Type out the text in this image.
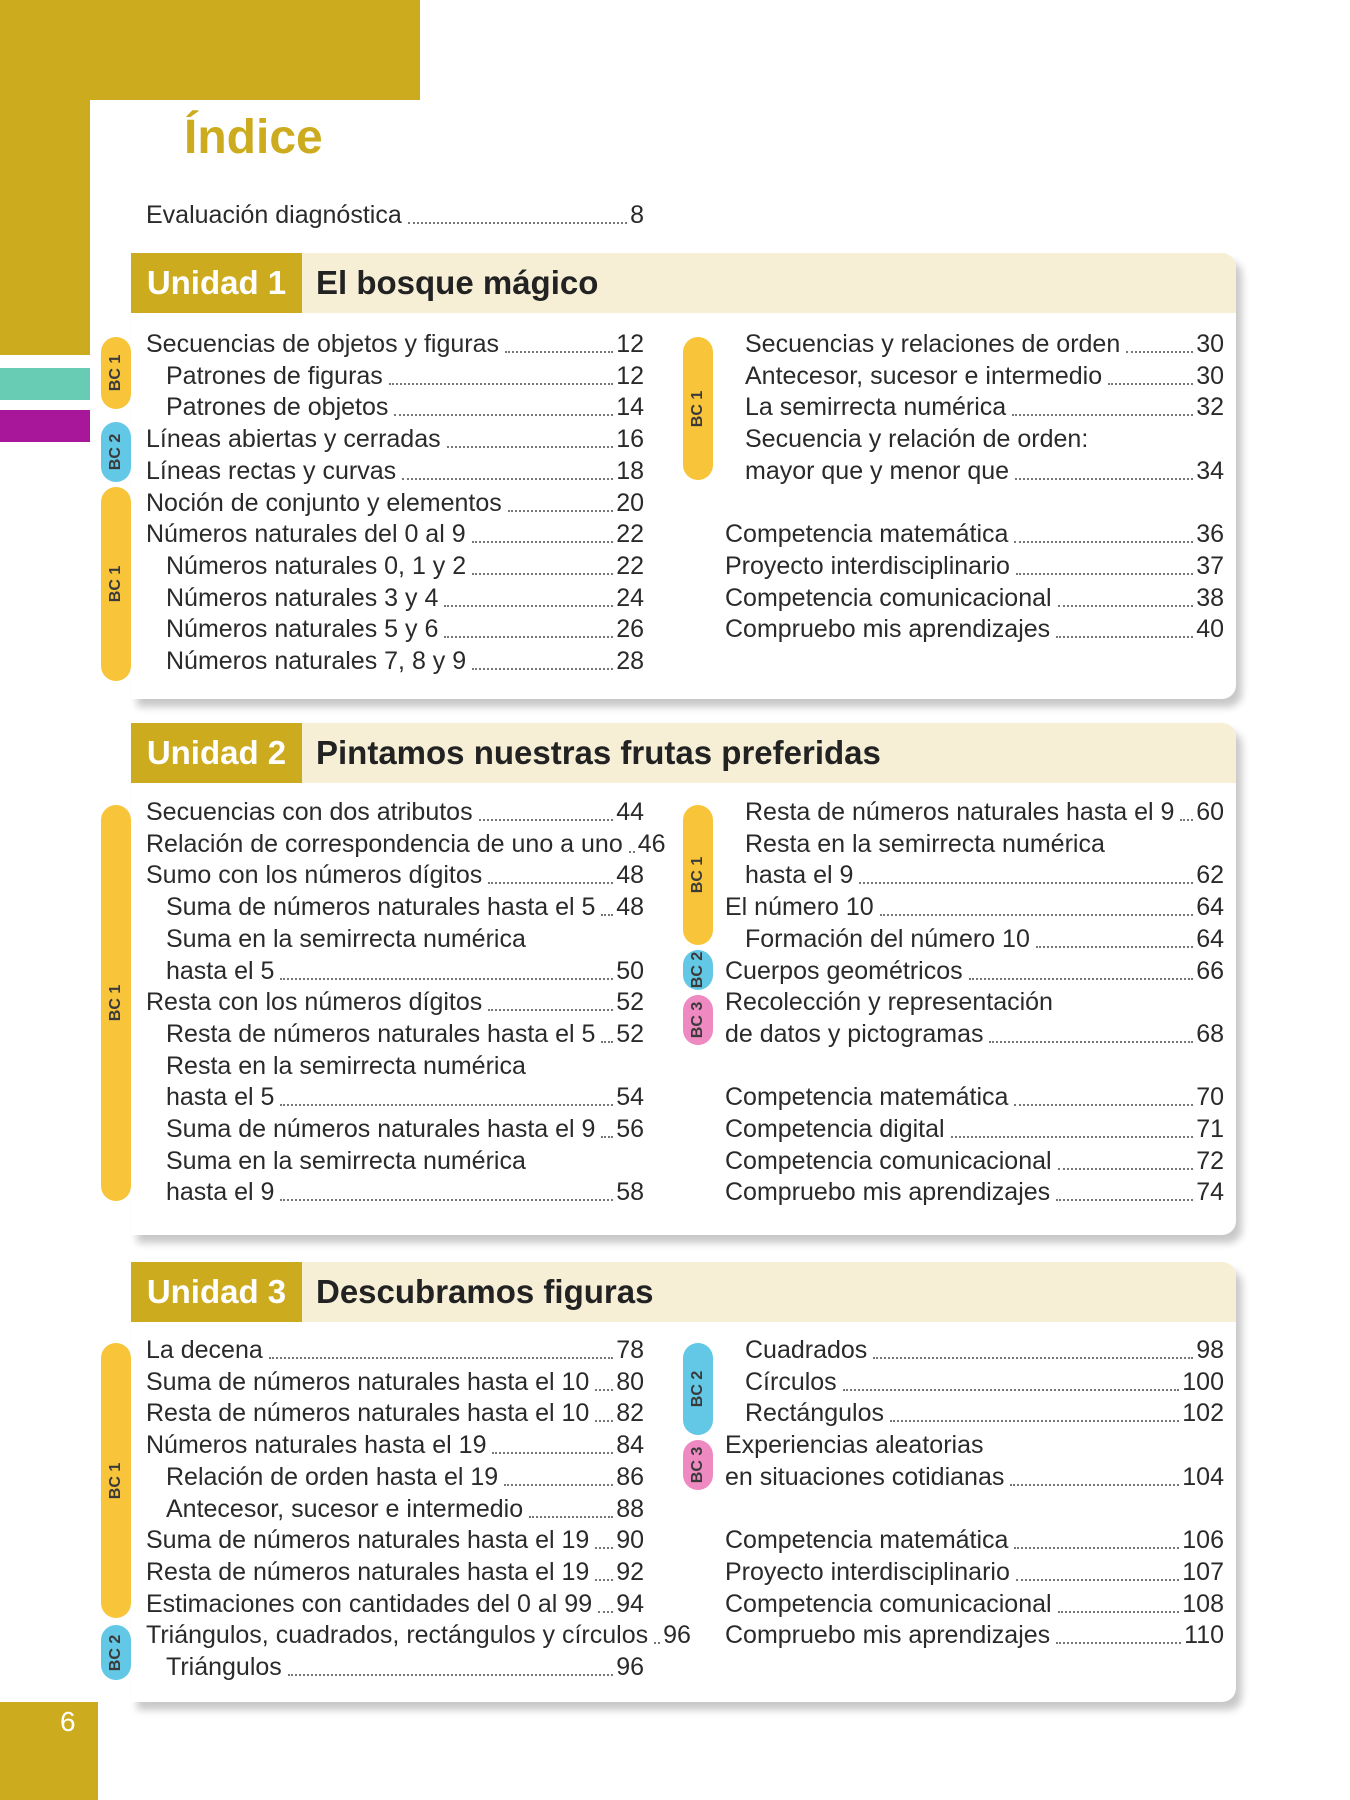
6
Índice
Evaluación diagnóstica	8
Unidad 1 El bosque mágico
Unidad 2 Pintamos nuestras frutas preferidas
Unidad 3 Descubramos figuras
Secuencias de objetos y figuras	12
Patrones de figuras	12
Patrones de objetos	14
Líneas abiertas y cerradas	16
Líneas rectas y curvas	18
Noción de conjunto y elementos	20
Números naturales del 0 al 9	22
Números naturales 0, 1 y 2	22
Números naturales 3 y 4	24
Números naturales 5 y 6	26
Números naturales 7, 8 y 9	28
Secuencias y relaciones de orden	30
Antecesor, sucesor e intermedio	30
La semirrecta numérica	32
Secuencia y relación de orden:
mayor que y menor que	34
Competencia matemática	36
Proyecto interdisciplinario	37
Competencia comunicacional	38
Compruebo mis aprendizajes	40
BC 1
BC 2
BC 1
BC 1
Secuencias con dos atributos	44
Relación de correspondencia de uno a uno 46
Sumo con los números dígitos	48
Suma de números naturales hasta el 5 48
Suma en la semirrecta numérica
hasta el 5	50
Resta con los números dígitos	52
Resta de números naturales hasta el 5 52
Resta en la semirrecta numérica
hasta el 5	54
Suma de números naturales hasta el 9 56
Suma en la semirrecta numérica
hasta el 9	58
Resta de números naturales hasta el 9 60
Resta en la semirrecta numérica
hasta el 9	62
El número 10	64
Formación del número 10	64
Cuerpos geométricos	66
Recolección y representación
de datos y pictogramas	68
Competencia matemática	70
Competencia digital	71
Competencia comunicacional	72
Compruebo mis aprendizajes	74
BC 1
BC 1
BC 2
BC 3
La decena	78
Suma de números naturales hasta el 10 80
Resta de números naturales hasta el 10 82
Números naturales hasta el 19	84
Relación de orden hasta el 19	86
Antecesor, sucesor e intermedio	88
Suma de números naturales hasta el 19 90
Resta de números naturales hasta el 19 92
Estimaciones con cantidades del 0 al 99 94
Triángulos, cuadrados, rectángulos y círculos 96
Triángulos	96
Cuadrados	98
Círculos	100
Rectángulos	102
Experiencias aleatorias
en situaciones cotidianas	104
Competencia matemática	106
Proyecto interdisciplinario	107
Competencia comunicacional	108
Compruebo mis aprendizajes	110
BC 1
BC 2
BC 2
BC 3
